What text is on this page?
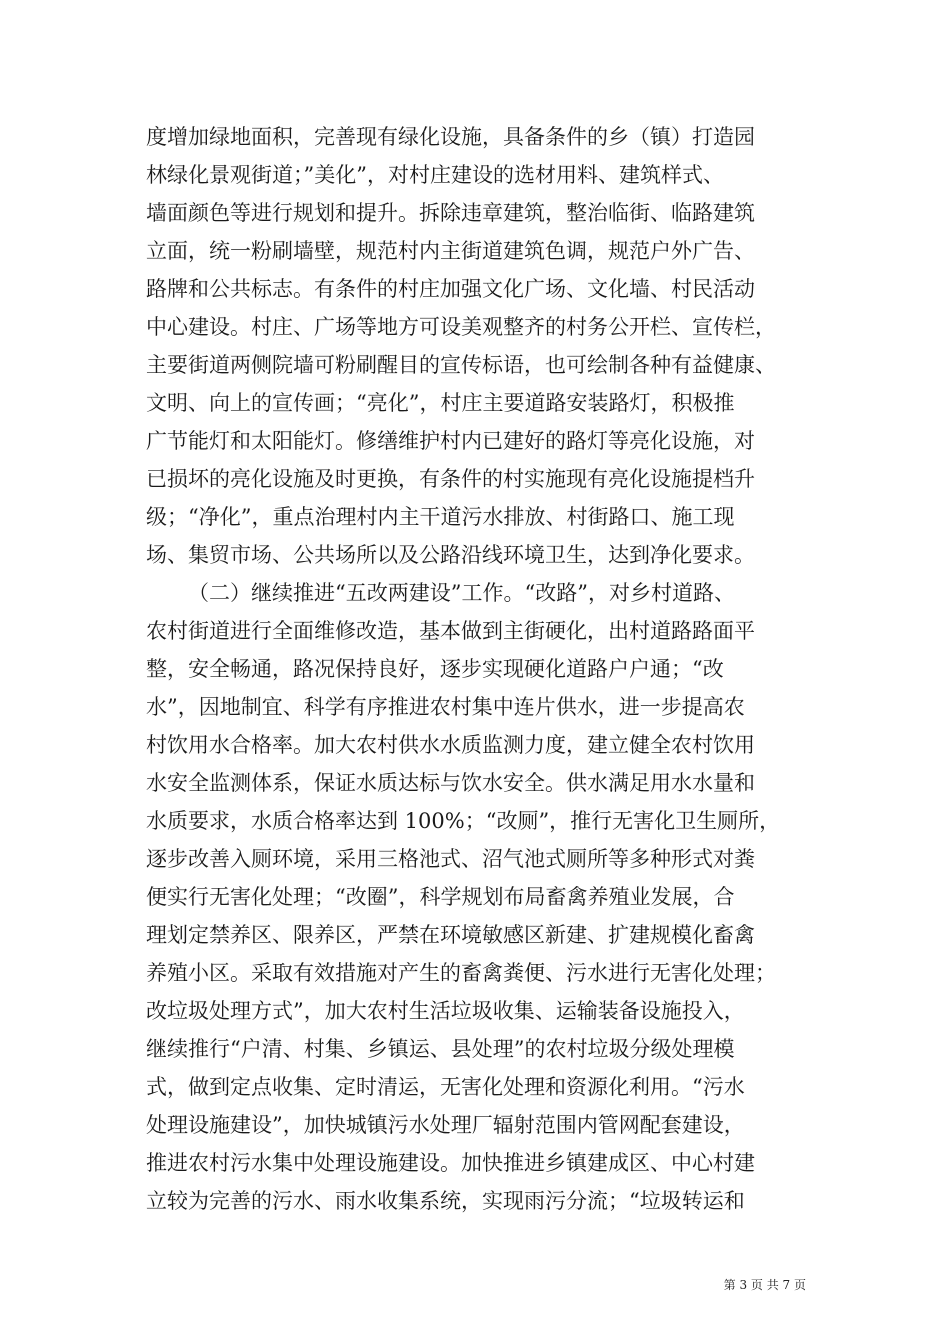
度增加绿地面积，完善现有绿化设施，具备条件的乡（镇）打造园
林绿化景观街道；”美化”，对村庄建设的选材用料、建筑样式、
墙面颜色等进行规划和提升。拆除违章建筑，整治临街、临路建筑
立面，统一粉刷墙壁，规范村内主街道建筑色调，规范户外广告、
路牌和公共标志。有条件的村庄加强文化广场、文化墙、村民活动
中心建设。村庄、广场等地方可设美观整齐的村务公开栏、宣传栏，
主要街道两侧院墙可粉刷醒目的宣传标语，也可绘制各种有益健康、
文明、向上的宣传画；“亮化”，村庄主要道路安装路灯，积极推
广节能灯和太阳能灯。修缮维护村内已建好的路灯等亮化设施，对
已损坏的亮化设施及时更换，有条件的村实施现有亮化设施提档升
级；“净化”，重点治理村内主干道污水排放、村街路口、施工现
场、集贸市场、公共场所以及公路沿线环境卫生，达到净化要求。
（二）继续推进“五改两建设”工作。“改路”，对乡村道路、
农村街道进行全面维修改造，基本做到主街硬化，出村道路路面平
整，安全畅通，路况保持良好，逐步实现硬化道路户户通；“改
水”，因地制宜、科学有序推进农村集中连片供水，进一步提高农
村饮用水合格率。加大农村供水水质监测力度，建立健全农村饮用
水安全监测体系，保证水质达标与饮水安全。供水满足用水水量和
水质要求，水质合格率达到 100%；“改厕”，推行无害化卫生厕所，
逐步改善入厕环境，采用三格池式、沼气池式厕所等多种形式对粪
便实行无害化处理；“改圈”，科学规划布局畜禽养殖业发展，合
理划定禁养区、限养区，严禁在环境敏感区新建、扩建规模化畜禽
养殖小区。采取有效措施对产生的畜禽粪便、污水进行无害化处理；
改垃圾处理方式”，加大农村生活垃圾收集、运输装备设施投入，
继续推行“户清、村集、乡镇运、县处理”的农村垃圾分级处理模
式，做到定点收集、定时清运，无害化处理和资源化利用。“污水
处理设施建设”，加快城镇污水处理厂辐射范围内管网配套建设，
推进农村污水集中处理设施建设。加快推进乡镇建成区、中心村建
立较为完善的污水、雨水收集系统，实现雨污分流；“垃圾转运和
第 3 页 共 7 页
